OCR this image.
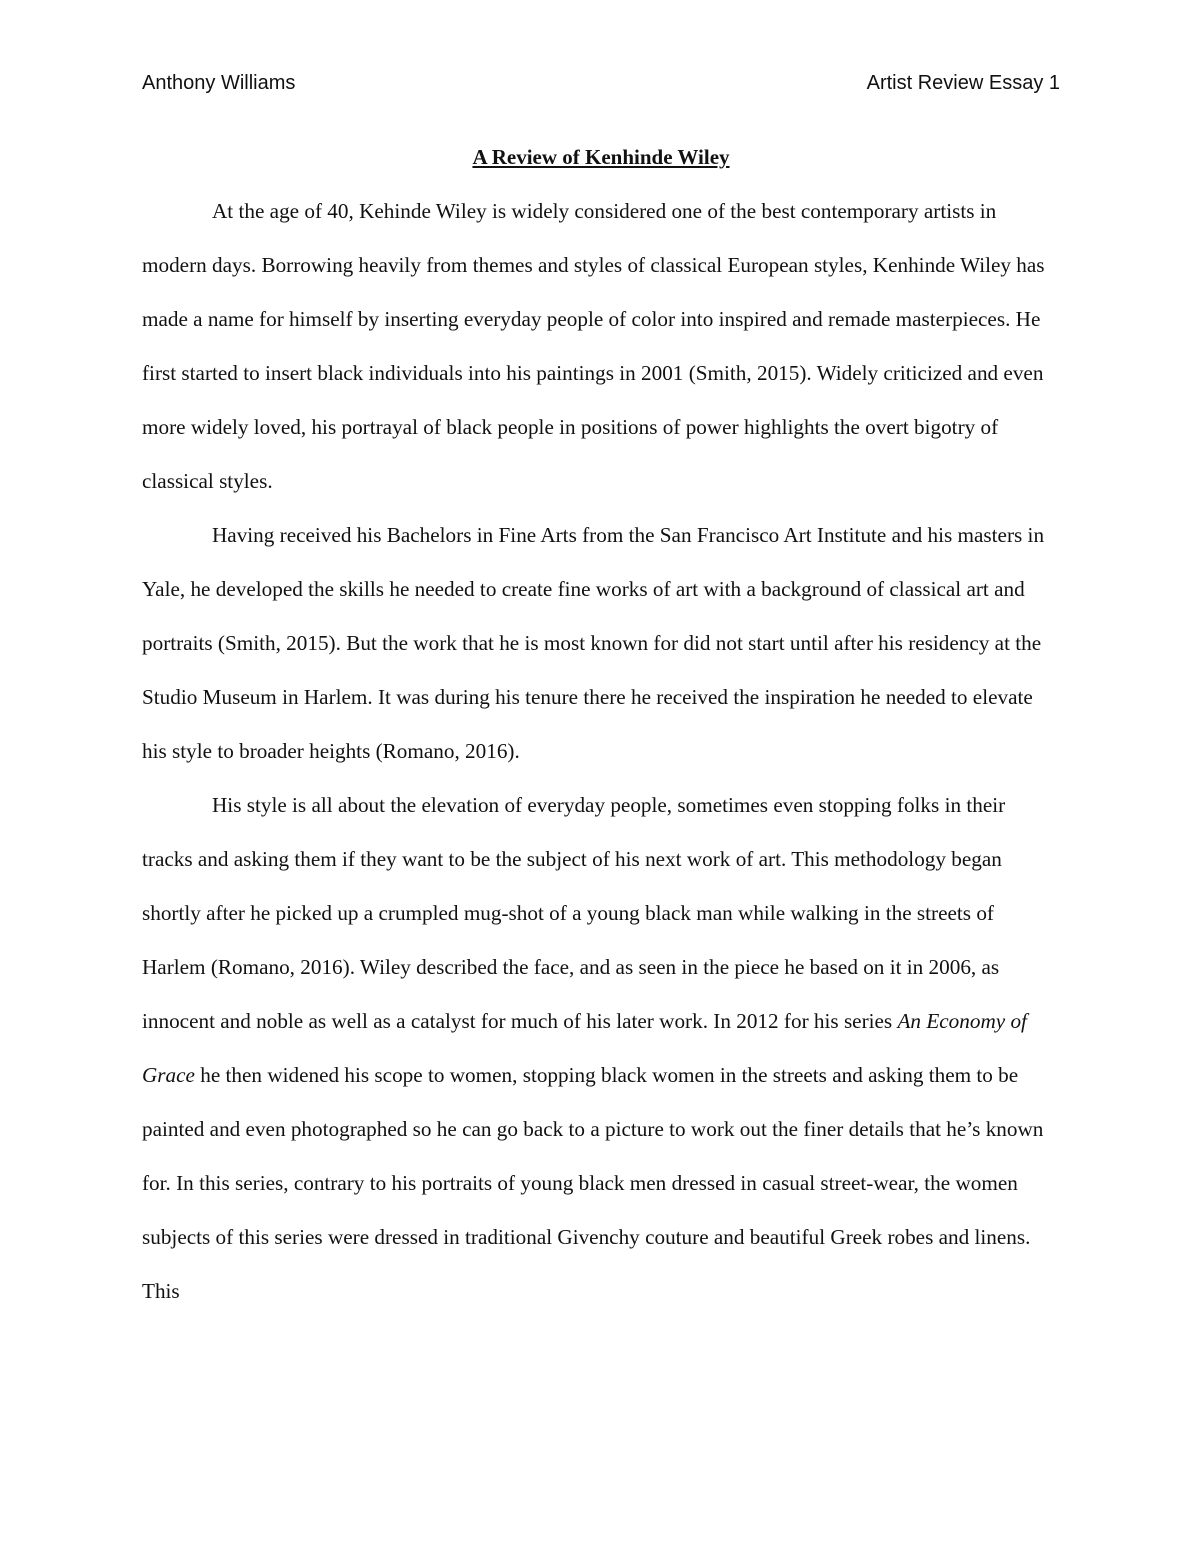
Anthony Williams	Artist Review Essay 1
A Review of Kenhinde Wiley

At the age of 40, Kehinde Wiley is widely considered one of the best contemporary artists in modern days. Borrowing heavily from themes and styles of classical European styles, Kenhinde Wiley has made a name for himself by inserting everyday people of color into inspired and remade masterpieces. He first started to insert black individuals into his paintings in 2001 (Smith, 2015). Widely criticized and even more widely loved, his portrayal of black people in positions of power highlights the overt bigotry of classical styles.

Having received his Bachelors in Fine Arts from the San Francisco Art Institute and his masters in Yale, he developed the skills he needed to create fine works of art with a background of classical art and portraits (Smith, 2015). But the work that he is most known for did not start until after his residency at the Studio Museum in Harlem. It was during his tenure there he received the inspiration he needed to elevate his style to broader heights (Romano, 2016).

His style is all about the elevation of everyday people, sometimes even stopping folks in their tracks and asking them if they want to be the subject of his next work of art. This methodology began shortly after he picked up a crumpled mug-shot of a young black man while walking in the streets of Harlem (Romano, 2016). Wiley described the face, and as seen in the piece he based on it in 2006, as innocent and noble as well as a catalyst for much of his later work. In 2012 for his series An Economy of Grace he then widened his scope to women, stopping black women in the streets and asking them to be painted and even photographed so he can go back to a picture to work out the finer details that he’s known for. In this series, contrary to his portraits of young black men dressed in casual street-wear, the women subjects of this series were dressed in traditional Givenchy couture and beautiful Greek robes and linens. This
